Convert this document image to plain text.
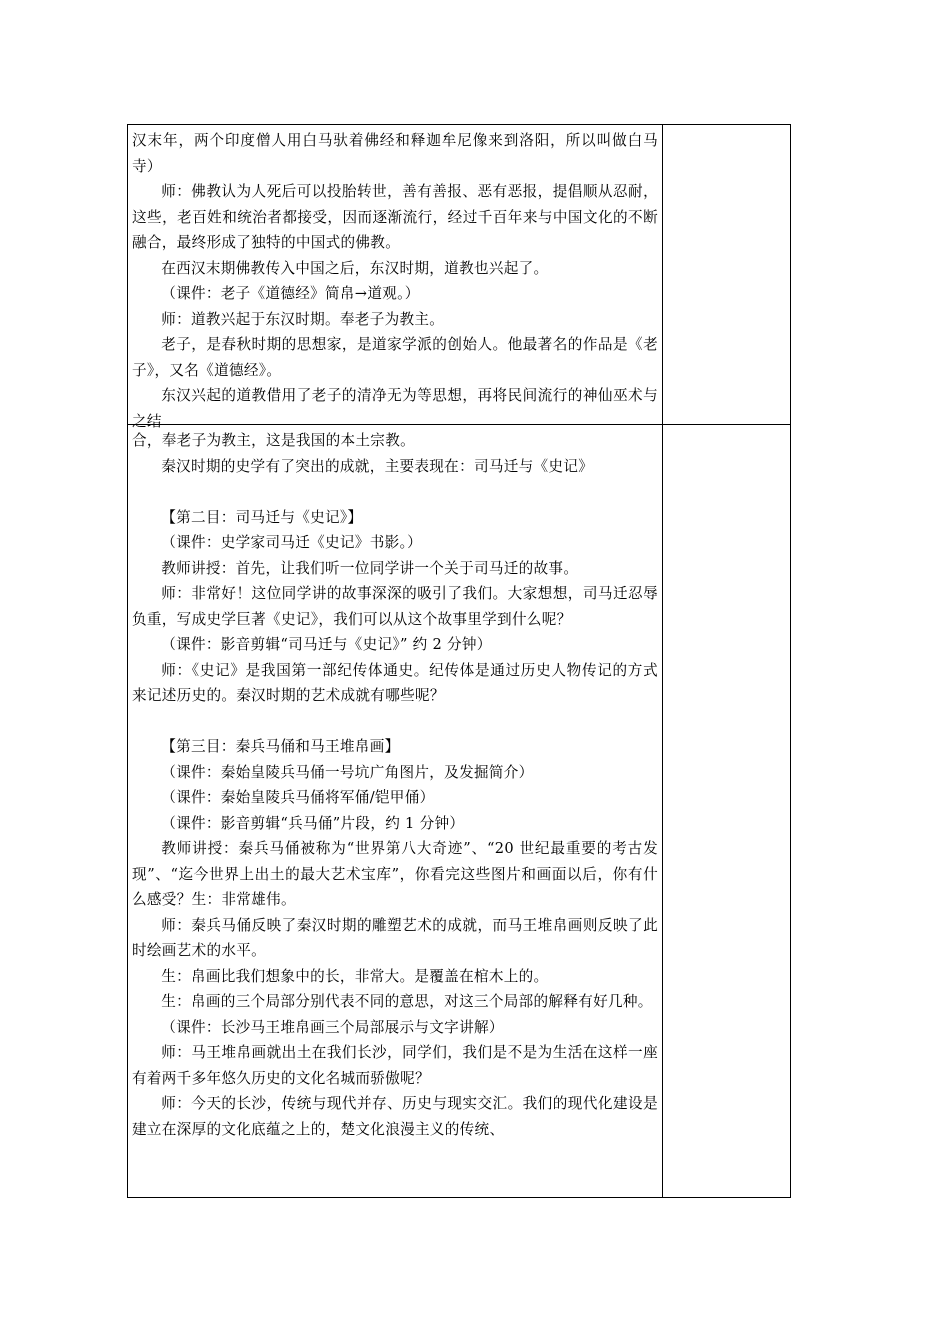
汉末年，两个印度僧人用白马驮着佛经和释迦牟尼像来到洛阳，所以叫做白马寺）

师：佛教认为人死后可以投胎转世，善有善报、恶有恶报，提倡顺从忍耐，这些，老百姓和统治者都接受，因而逐渐流行，经过千百年来与中国文化的不断融合，最终形成了独特的中国式的佛教。

在西汉末期佛教传入中国之后，东汉时期，道教也兴起了。

（课件：老子《道德经》简帛→道观。）

师：道教兴起于东汉时期。奉老子为教主。

老子，是春秋时期的思想家，是道家学派的创始人。他最著名的作品是《老子》，又名《道德经》。

东汉兴起的道教借用了老子的清净无为等思想，再将民间流行的神仙巫术与之结

合，奉老子为教主，这是我国的本土宗教。

秦汉时期的史学有了突出的成就，主要表现在：司马迁与《史记》

【第二目：司马迁与《史记》】

（课件：史学家司马迁《史记》书影。）

教师讲授：首先，让我们听一位同学讲一个关于司马迁的故事。

师：非常好！这位同学讲的故事深深的吸引了我们。大家想想，司马迁忍辱负重，写成史学巨著《史记》，我们可以从这个故事里学到什么呢？

（课件：影音剪辑“司马迁与《史记》” 约 2 分钟）

师：《史记》是我国第一部纪传体通史。纪传体是通过历史人物传记的方式来记述历史的。秦汉时期的艺术成就有哪些呢？

【第三目：秦兵马俑和马王堆帛画】

（课件：秦始皇陵兵马俑一号坑广角图片，及发掘简介）

（课件：秦始皇陵兵马俑将军俑/铠甲俑）

（课件：影音剪辑“兵马俑”片段，约 1 分钟）

教师讲授：秦兵马俑被称为“世界第八大奇迹”、“20 世纪最重要的考古发现”、“迄今世界上出土的最大艺术宝库”，你看完这些图片和画面以后，你有什么感受？生：非常雄伟。

师：秦兵马俑反映了秦汉时期的雕塑艺术的成就，而马王堆帛画则反映了此时绘画艺术的水平。

生：帛画比我们想象中的长，非常大。是覆盖在棺木上的。

生：帛画的三个局部分别代表不同的意思，对这三个局部的解释有好几种。

（课件：长沙马王堆帛画三个局部展示与文字讲解）

师：马王堆帛画就出土在我们长沙，同学们，我们是不是为生活在这样一座有着两千多年悠久历史的文化名城而骄傲呢？

师：今天的长沙，传统与现代并存、历史与现实交汇。我们的现代化建设是建立在深厚的文化底蕴之上的，楚文化浪漫主义的传统、
